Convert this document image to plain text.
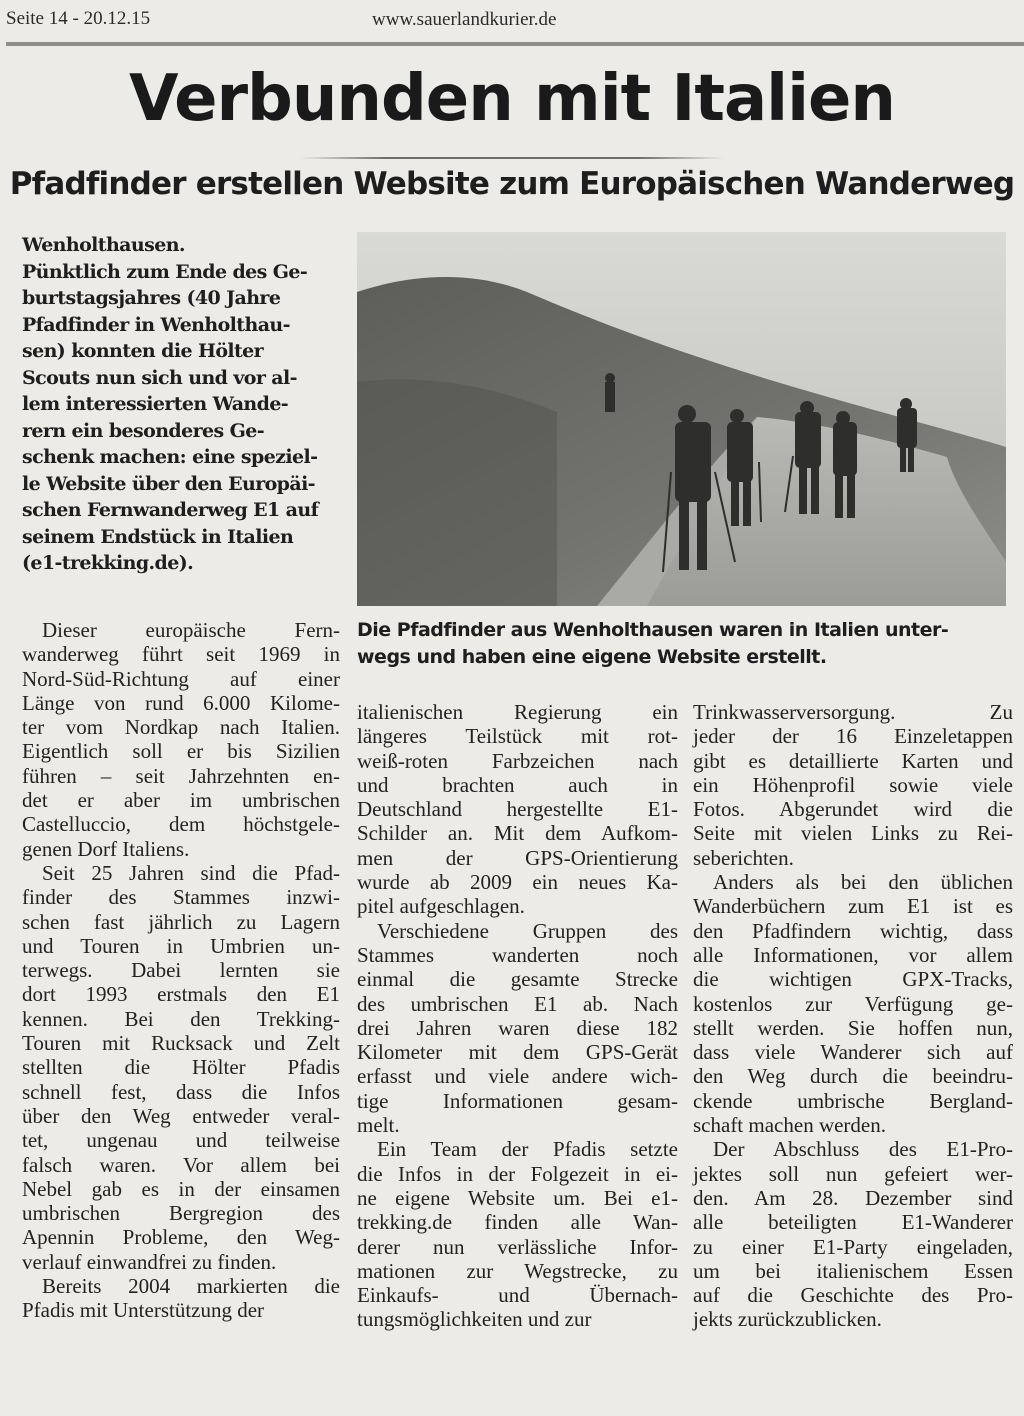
Seite 14 - 20.12.15	www.sauerlandkurier.de
Verbunden mit Italien
Pfadfinder erstellen Website zum Europäischen Wanderweg
Wenholthausen.
Pünktlich zum Ende des Ge-
burtstagsjahres (40 Jahre
Pfadfinder in Wenholthau-
sen) konnten die Hölter
Scouts nun sich und vor al-
lem interessierten Wande-
rern ein besonderes Ge-
schenk machen: eine speziel-
le Website über den Europäi-
schen Fernwanderweg E1 auf
seinem Endstück in Italien
(e1-trekking.de).
Die Pfadfinder aus Wenholthausen waren in Italien unter-
wegs und haben eine eigene Website erstellt.
Dieser europäische Fern-
wanderweg führt seit 1969 in
Nord-Süd-Richtung auf einer
Länge von rund 6.000 Kilome-
ter vom Nordkap nach Italien.
Eigentlich soll er bis Sizilien
führen – seit Jahrzehnten en-
det er aber im umbrischen
Castelluccio, dem höchstgele-
genen Dorf Italiens.
Seit 25 Jahren sind die Pfad-
finder des Stammes inzwi-
schen fast jährlich zu Lagern
und Touren in Umbrien un-
terwegs. Dabei lernten sie
dort 1993 erstmals den E1
kennen. Bei den Trekking-
Touren mit Rucksack und Zelt
stellten die Hölter Pfadis
schnell fest, dass die Infos
über den Weg entweder veral-
tet, ungenau und teilweise
falsch waren. Vor allem bei
Nebel gab es in der einsamen
umbrischen Bergregion des
Apennin Probleme, den Weg-
verlauf einwandfrei zu finden.
Bereits 2004 markierten die
Pfadis mit Unterstützung der
italienischen Regierung ein
längeres Teilstück mit rot-
weiß-roten Farbzeichen nach
und brachten auch in
Deutschland hergestellte E1-
Schilder an. Mit dem Aufkom-
men der GPS-Orientierung
wurde ab 2009 ein neues Ka-
pitel aufgeschlagen.
Verschiedene Gruppen des
Stammes wanderten noch
einmal die gesamte Strecke
des umbrischen E1 ab. Nach
drei Jahren waren diese 182
Kilometer mit dem GPS-Gerät
erfasst und viele andere wich-
tige Informationen gesam-
melt.
Ein Team der Pfadis setzte
die Infos in der Folgezeit in ei-
ne eigene Website um. Bei e1-
trekking.de finden alle Wan-
derer nun verlässliche Infor-
mationen zur Wegstrecke, zu
Einkaufs- und Übernach-
tungsmöglichkeiten und zur
Trinkwasserversorgung. Zu
jeder der 16 Einzeletappen
gibt es detaillierte Karten und
ein Höhenprofil sowie viele
Fotos. Abgerundet wird die
Seite mit vielen Links zu Rei-
seberichten.
Anders als bei den üblichen
Wanderbüchern zum E1 ist es
den Pfadfindern wichtig, dass
alle Informationen, vor allem
die wichtigen GPX-Tracks,
kostenlos zur Verfügung ge-
stellt werden. Sie hoffen nun,
dass viele Wanderer sich auf
den Weg durch die beeindru-
ckende umbrische Bergland-
schaft machen werden.
Der Abschluss des E1-Pro-
jektes soll nun gefeiert wer-
den. Am 28. Dezember sind
alle beteiligten E1-Wanderer
zu einer E1-Party eingeladen,
um bei italienischem Essen
auf die Geschichte des Pro-
jekts zurückzublicken.
